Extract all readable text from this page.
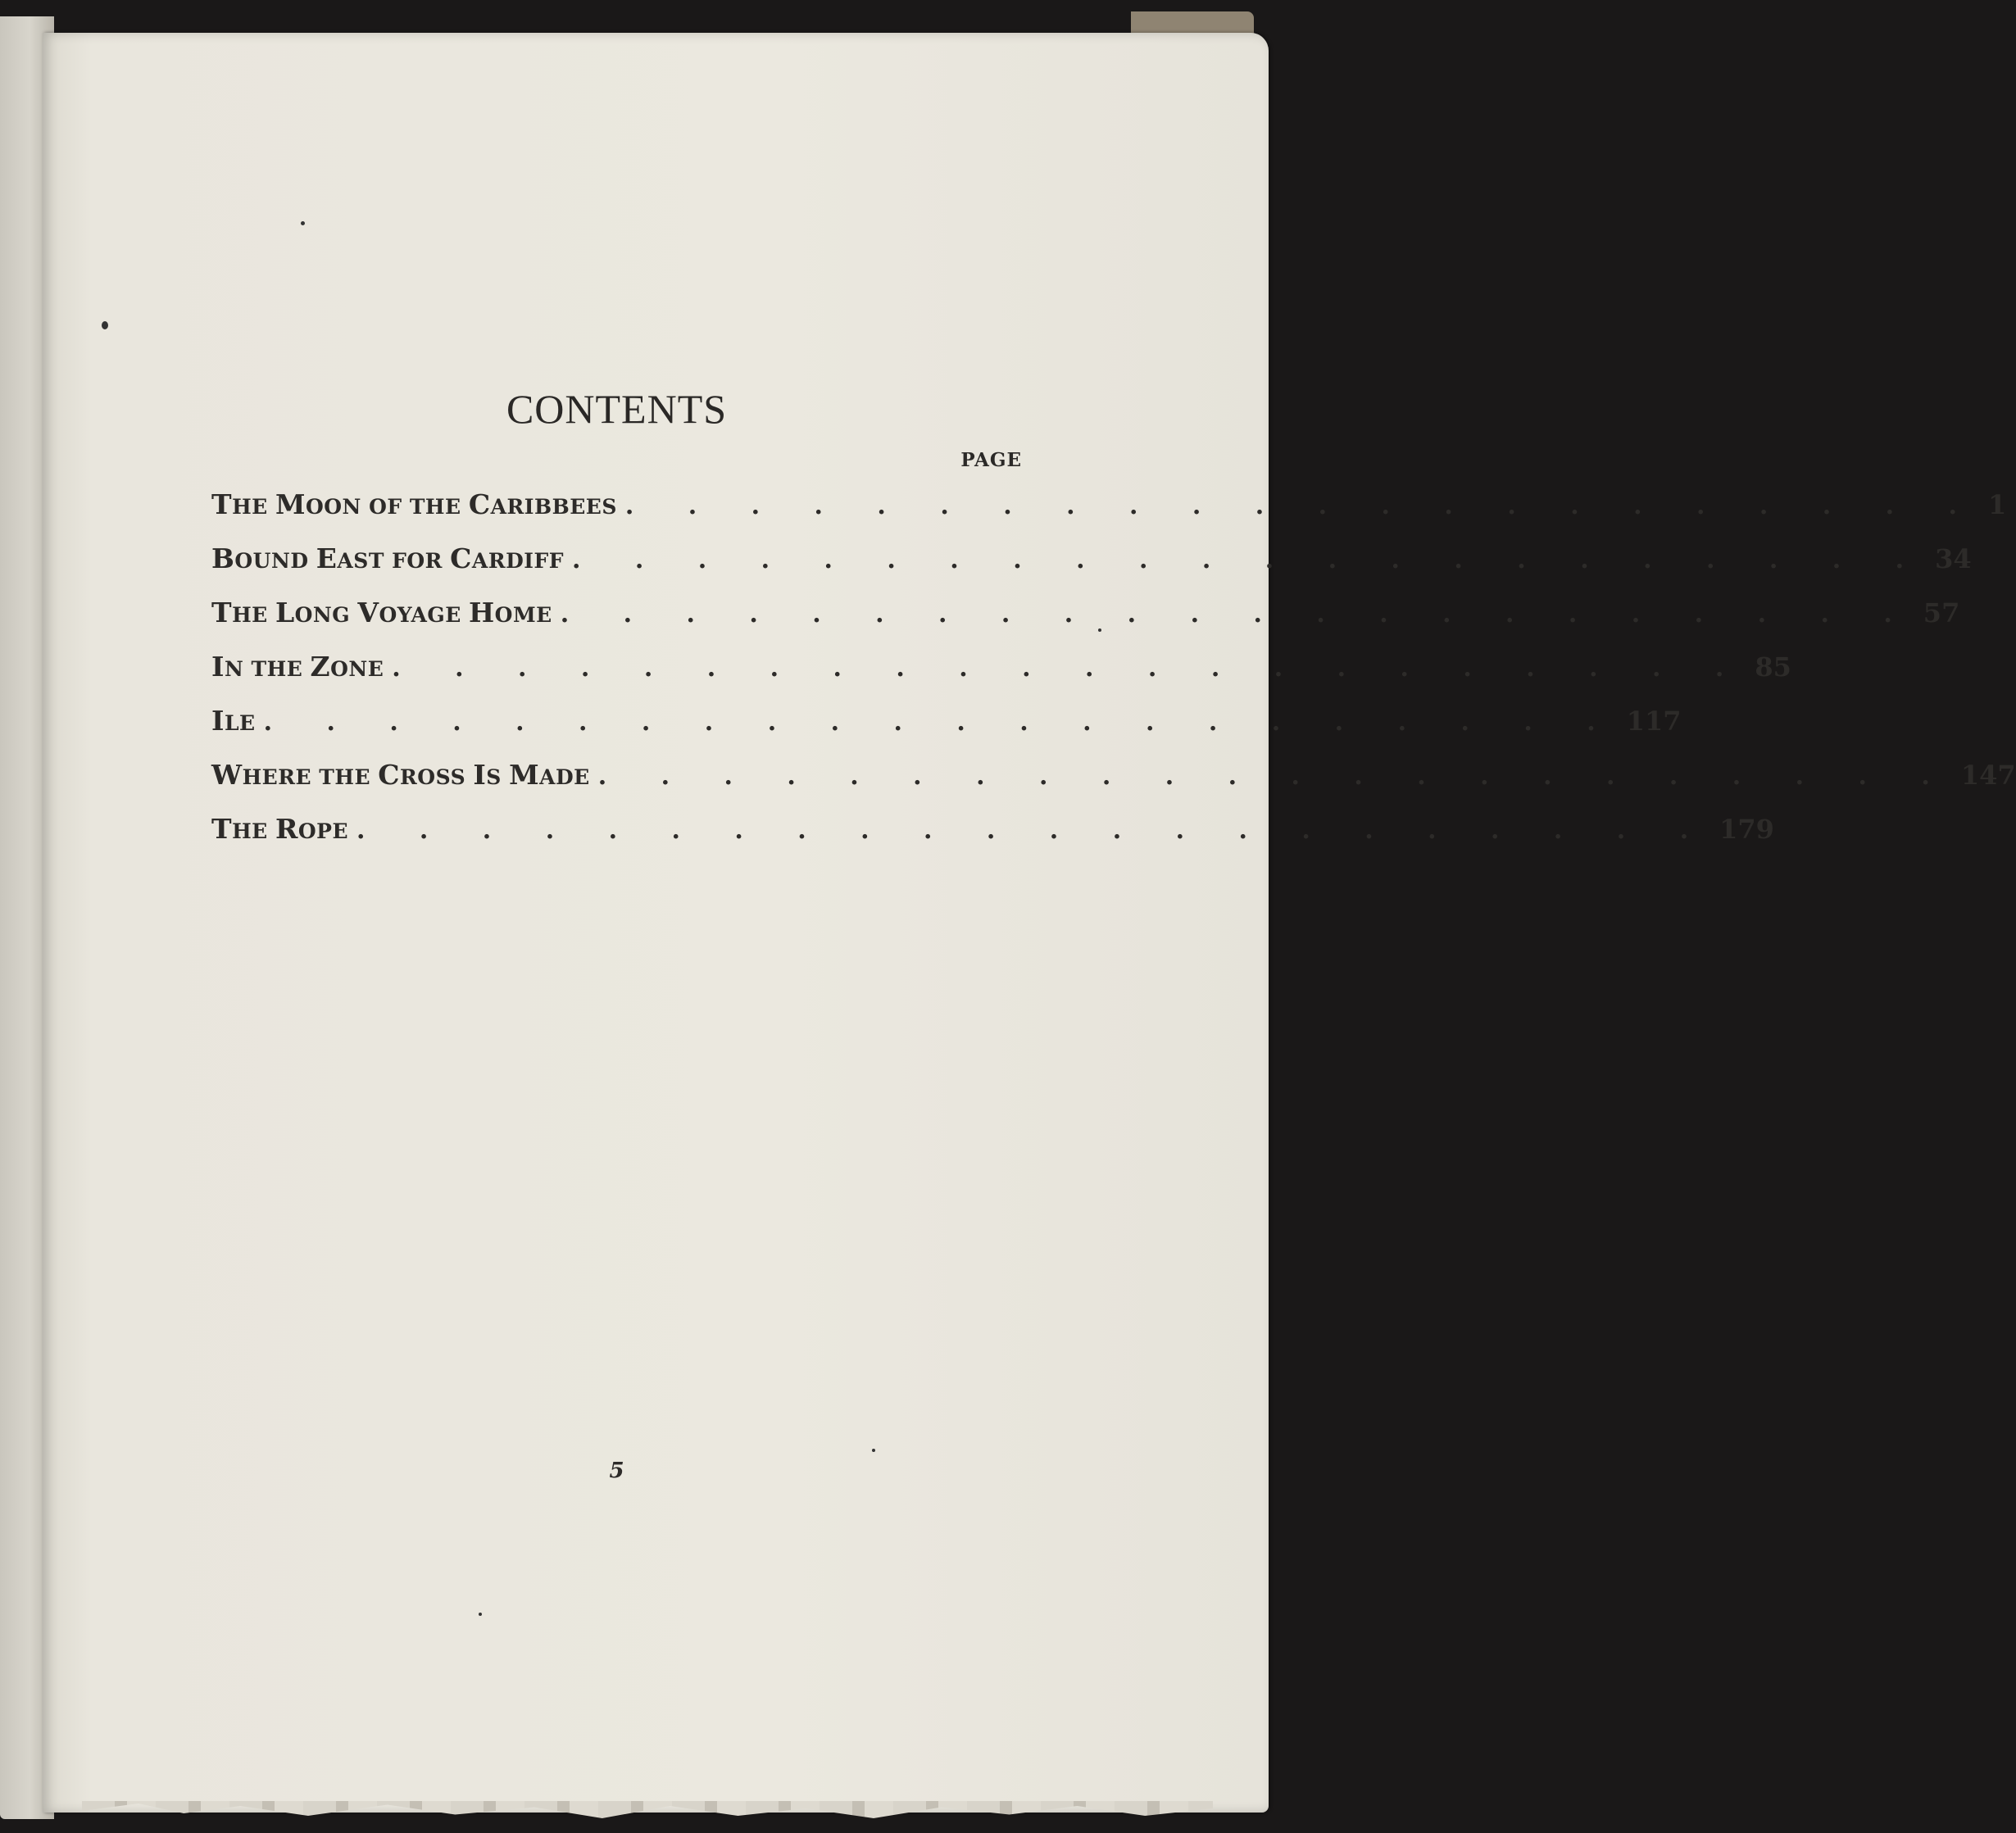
CONTENTS
PAGE
THE MOON OF THE CARIBBEES . . . . . . . . . . . . . . . . . . . . . . 1
BOUND EAST FOR CARDIFF . . . . . . . . . . . . . . . . . . . . . . 34
THE LONG VOYAGE HOME . . . . . . . . . . . . . . . . . . . . . . 57
IN THE ZONE . . . . . . . . . . . . . . . . . . . . . . 85
ILE . . . . . . . . . . . . . . . . . . . . . . 117
WHERE THE CROSS IS MADE . . . . . . . . . . . . . . . . . . . . . . 147
THE ROPE . . . . . . . . . . . . . . . . . . . . . . 179
5
